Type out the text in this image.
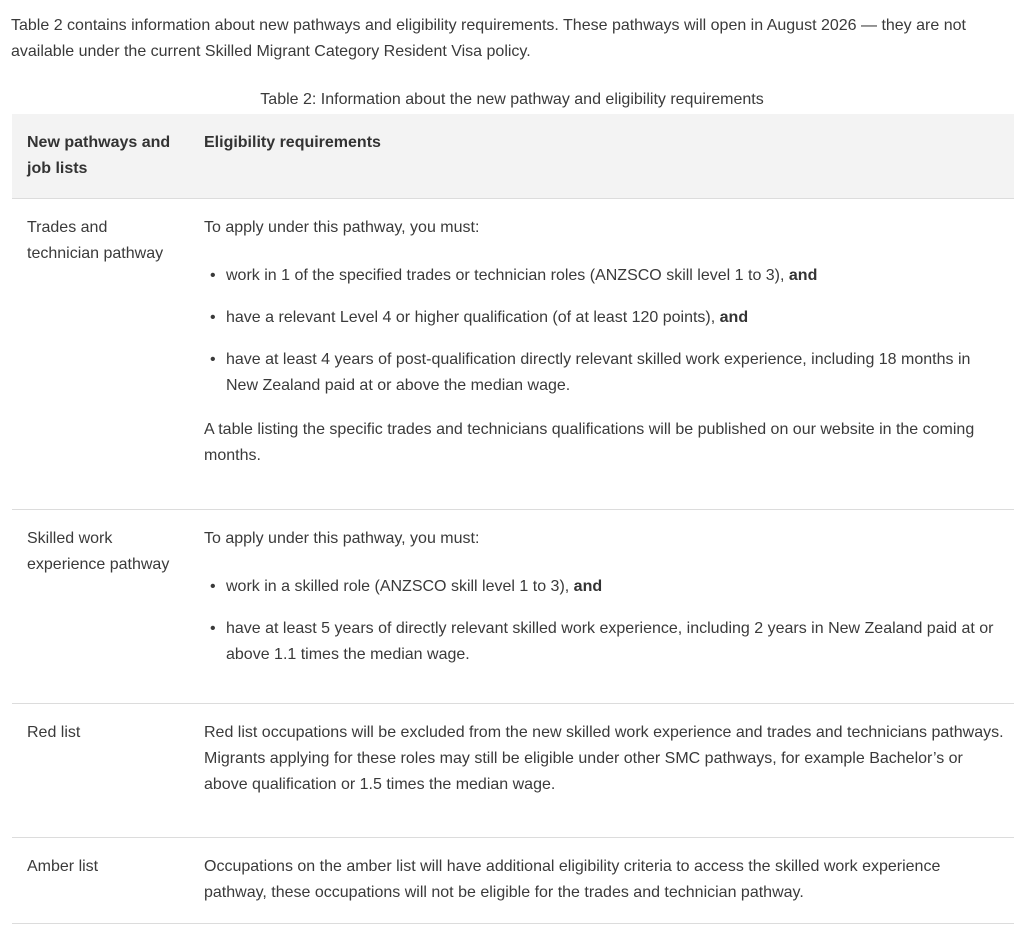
Table 2 contains information about new pathways and eligibility requirements. These pathways will open in August 2026 — they are not available under the current Skilled Migrant Category Resident Visa policy.

Table 2: Information about the new pathway and eligibility requirements

New pathways and job lists
Eligibility requirements
Trades and technician pathway

To apply under this pathway, you must:

• work in 1 of the specified trades or technician roles (ANZSCO skill level 1 to 3), and
• have a relevant Level 4 or higher qualification (of at least 120 points), and
• have at least 4 years of post-qualification directly relevant skilled work experience, including 18 months in New Zealand paid at or above the median wage.

A table listing the specific trades and technicians qualifications will be published on our website in the coming months.

Skilled work experience pathway

To apply under this pathway, you must:

• work in a skilled role (ANZSCO skill level 1 to 3), and
• have at least 5 years of directly relevant skilled work experience, including 2 years in New Zealand paid at or above 1.1 times the median wage.
Red list	Red list occupations will be excluded from the new skilled work experience and trades and technicians pathways. Migrants applying for these roles may still be eligible under other SMC pathways, for example Bachelor’s or above qualification or 1.5 times the median wage.

Amber list	Occupations on the amber list will have additional eligibility criteria to access the skilled work experience pathway, these occupations will not be eligible for the trades and technician pathway.
